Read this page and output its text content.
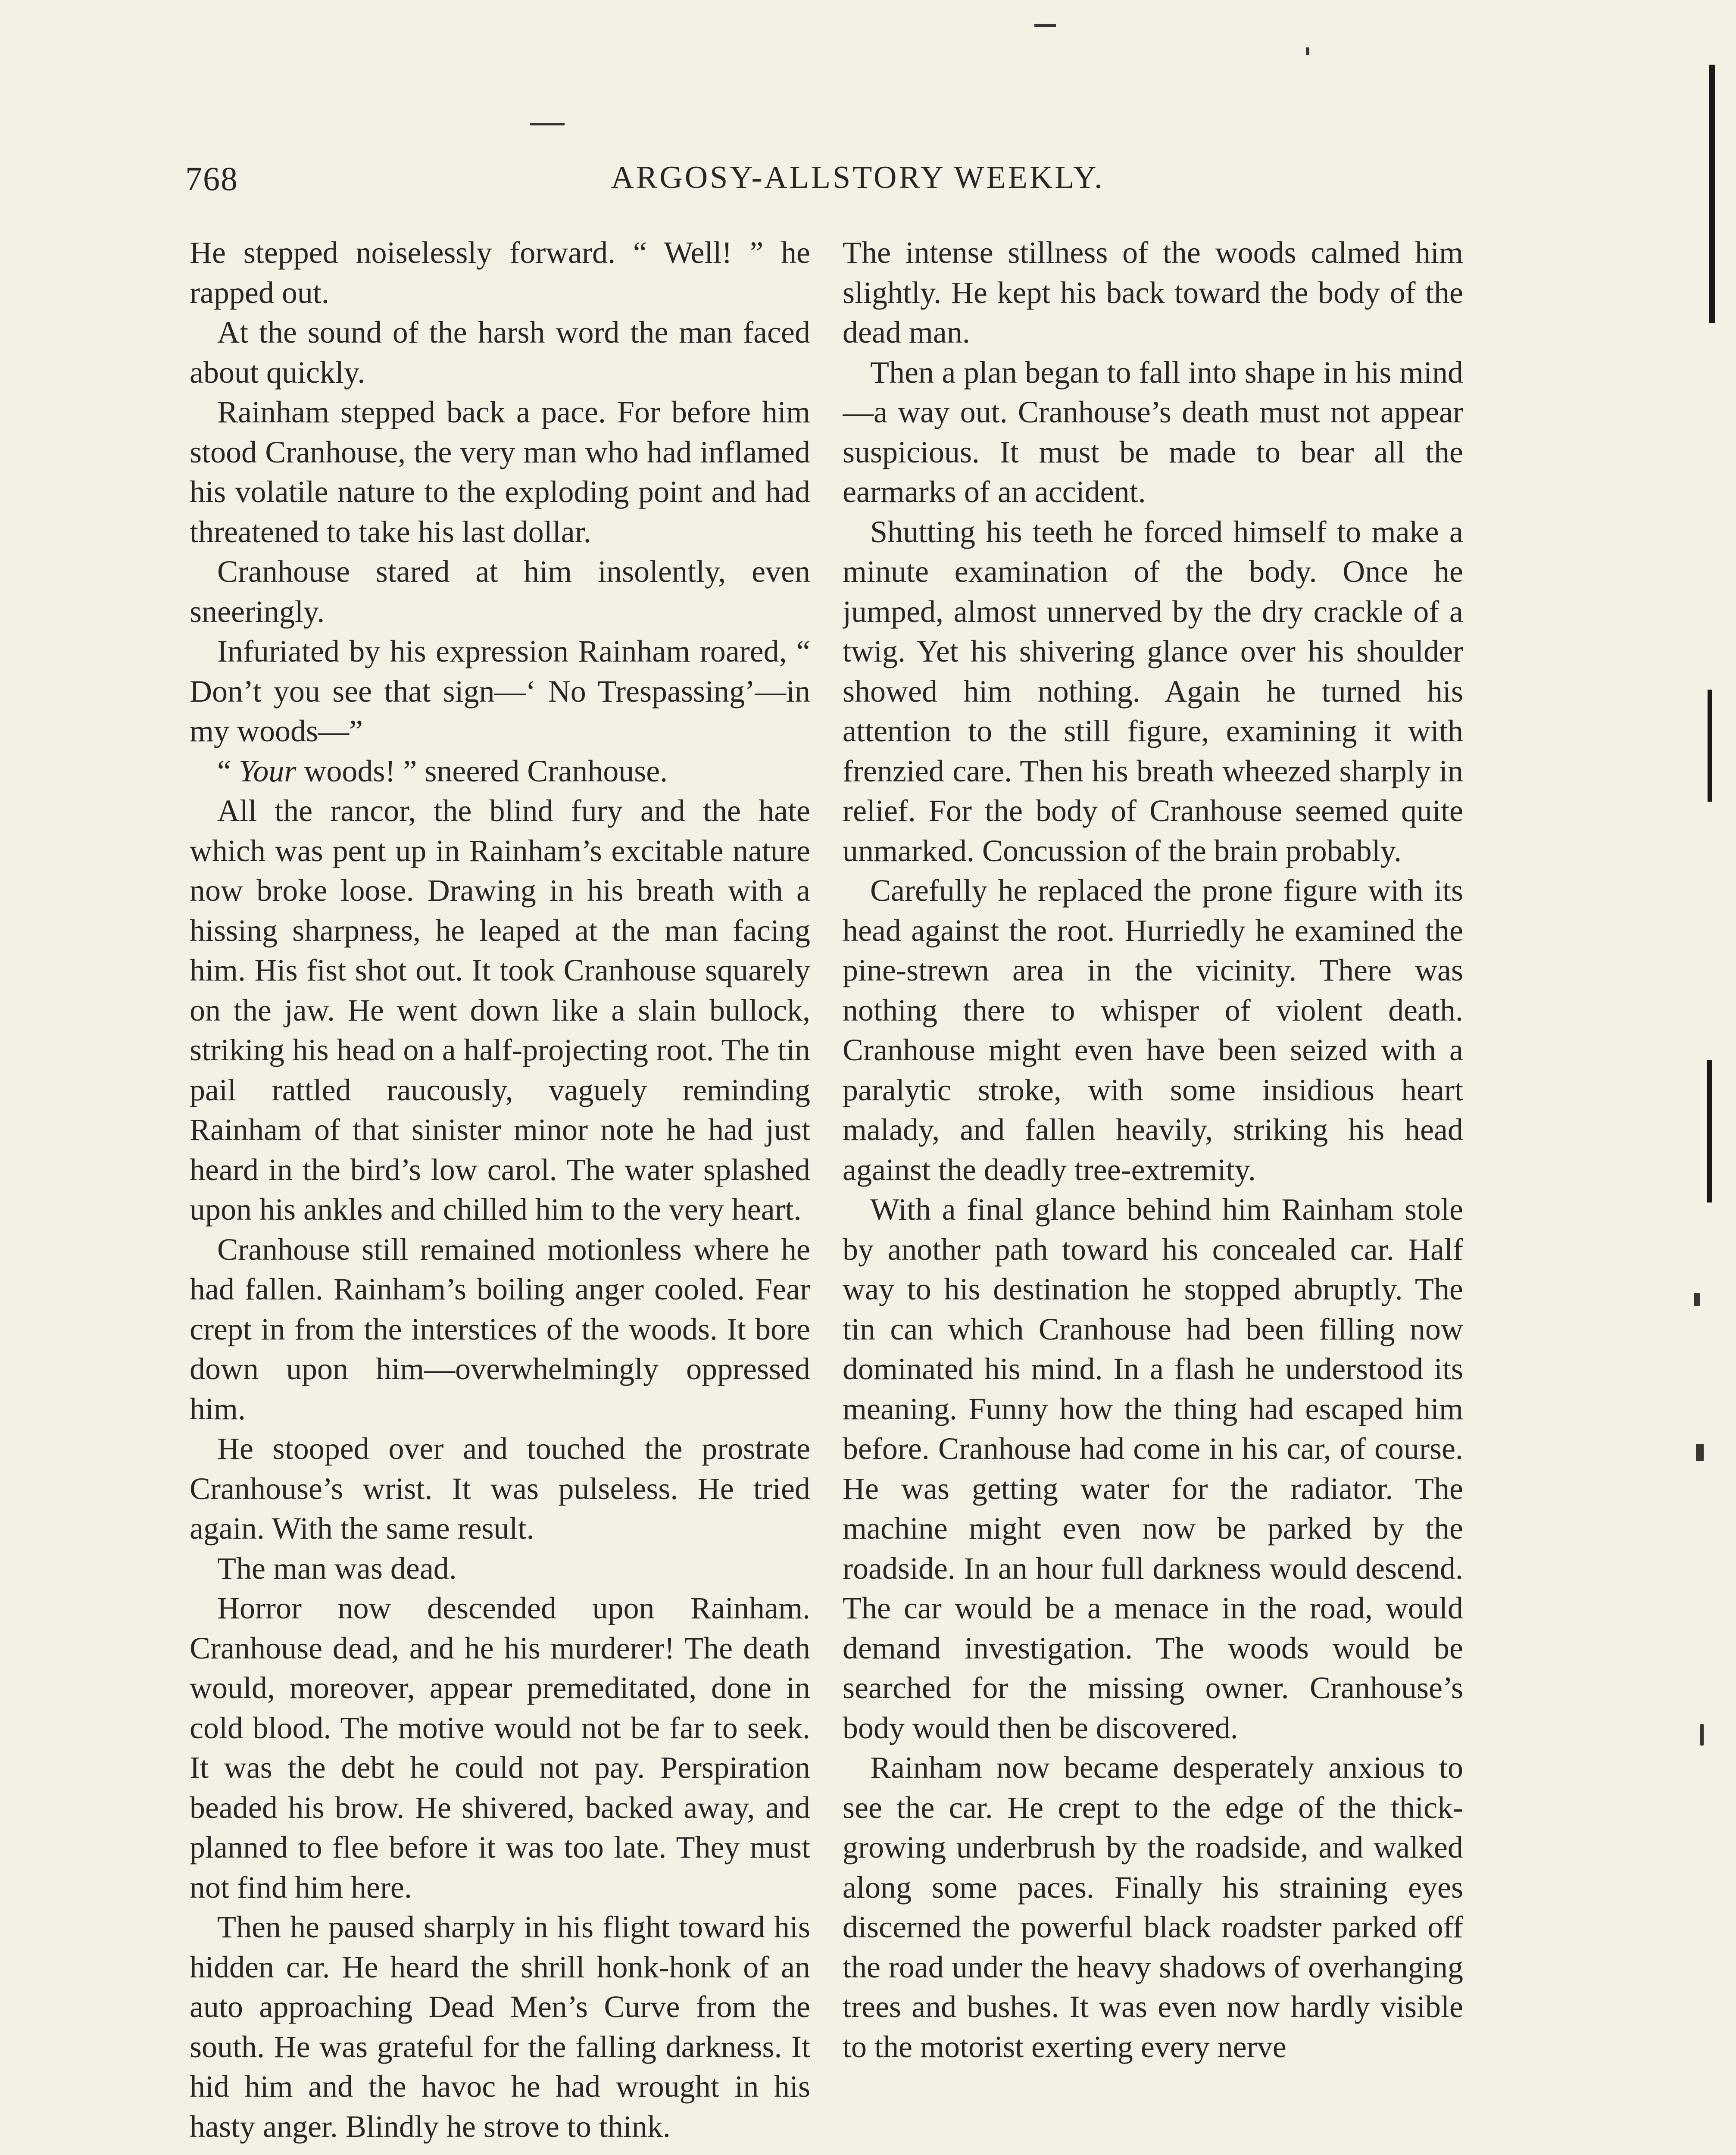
768	ARGOSY-ALLSTORY WEEKLY.

He stepped noiselessly forward. “ Well! ” he rapped out.

At the sound of the harsh word the man faced about quickly.

Rainham stepped back a pace. For before him stood Cranhouse, the very man who had inflamed his volatile nature to the exploding point and had threatened to take his last dollar.

Cranhouse stared at him insolently, even sneeringly.

Infuriated by his expression Rainham roared, “ Don’t you see that sign—‘ No Trespassing’—in my woods—”

“ Your woods! ” sneered Cranhouse.

All the rancor, the blind fury and the hate which was pent up in Rainham’s excitable nature now broke loose. Drawing in his breath with a hissing sharpness, he leaped at the man facing him. His fist shot out. It took Cranhouse squarely on the jaw. He went down like a slain bullock, striking his head on a half-projecting root. The tin pail rattled raucously, vaguely reminding Rainham of that sinister minor note he had just heard in the bird’s low carol. The water splashed upon his ankles and chilled him to the very heart.

Cranhouse still remained motionless where he had fallen. Rainham’s boiling anger cooled. Fear crept in from the interstices of the woods. It bore down upon him—overwhelmingly oppressed him.

He stooped over and touched the prostrate Cranhouse’s wrist. It was pulseless. He tried again. With the same result.

The man was dead.

Horror now descended upon Rainham. Cranhouse dead, and he his murderer! The death would, moreover, appear premeditated, done in cold blood. The motive would not be far to seek. It was the debt he could not pay. Perspiration beaded his brow. He shivered, backed away, and planned to flee before it was too late. They must not find him here.

Then he paused sharply in his flight toward his hidden car. He heard the shrill honk-honk of an auto approaching Dead Men’s Curve from the south. He was grateful for the falling darkness. It hid him and the havoc he had wrought in his hasty anger. Blindly he strove to think.

The intense stillness of the woods calmed him slightly. He kept his back toward the body of the dead man.

Then a plan began to fall into shape in his mind—a way out. Cranhouse’s death must not appear suspicious. It must be made to bear all the earmarks of an accident.

Shutting his teeth he forced himself to make a minute examination of the body. Once he jumped, almost unnerved by the dry crackle of a twig. Yet his shivering glance over his shoulder showed him nothing. Again he turned his attention to the still figure, examining it with frenzied care. Then his breath wheezed sharply in relief. For the body of Cranhouse seemed quite unmarked. Concussion of the brain probably.

Carefully he replaced the prone figure with its head against the root. Hurriedly he examined the pine-strewn area in the vicinity. There was nothing there to whisper of violent death. Cranhouse might even have been seized with a paralytic stroke, with some insidious heart malady, and fallen heavily, striking his head against the deadly tree-extremity.

With a final glance behind him Rainham stole by another path toward his concealed car. Half way to his destination he stopped abruptly. The tin can which Cranhouse had been filling now dominated his mind. In a flash he understood its meaning. Funny how the thing had escaped him before. Cranhouse had come in his car, of course. He was getting water for the radiator. The machine might even now be parked by the roadside. In an hour full darkness would descend. The car would be a menace in the road, would demand investigation. The woods would be searched for the missing owner. Cranhouse’s body would then be discovered.

Rainham now became desperately anxious to see the car. He crept to the edge of the thick-growing underbrush by the roadside, and walked along some paces. Finally his straining eyes discerned the powerful black roadster parked off the road under the heavy shadows of overhanging trees and bushes. It was even now hardly visible to the motorist exerting every nerve
